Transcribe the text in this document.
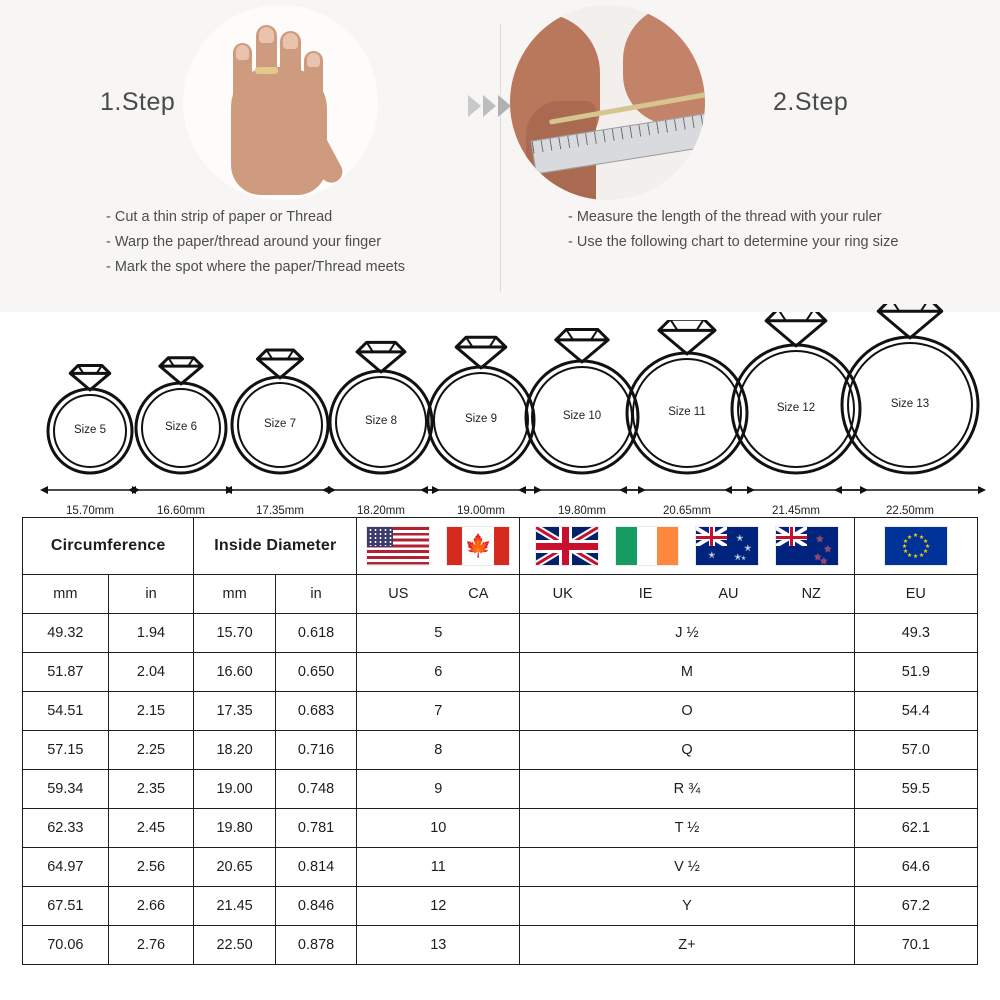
1.Step
- Cut a thin strip of paper or Thread
- Warp the paper/thread around your finger
- Mark the spot where the paper/Thread meets
2.Step
- Measure the length of the thread with your ruler
- Use the following chart to determine your ring size
Size 5
15.70mm
Size 6
16.60mm
Size 7
17.35mm
Size 8
18.20mm
Size 9
19.00mm
Size 10
19.80mm
Size 11
20.65mm
Size 12
21.45mm
Size 13
22.50mm
Circumference	Inside Diameter	🍁	✭
✭
✭
✭ ✭
✭
✭
✭
✭

★ ★
★
★
★
★
★
★
★
★
★
★

mm	in	mm	in	US CA	UK IE AU NZ	EU
49.32	1.94	15.70	0.618	5	J ½	49.3
51.87	2.04	16.60	0.650	6	M	51.9
54.51	2.15	17.35	0.683	7	O	54.4
57.15	2.25	18.20	0.716	8	Q	57.0
59.34	2.35	19.00	0.748	9	R ¾	59.5
62.33	2.45	19.80	0.781	10	T ½	62.1
64.97	2.56	20.65	0.814	11	V ½	64.6
67.51	2.66	21.45	0.846	12	Y	67.2
70.06	2.76	22.50	0.878	13	Z+	70.1
